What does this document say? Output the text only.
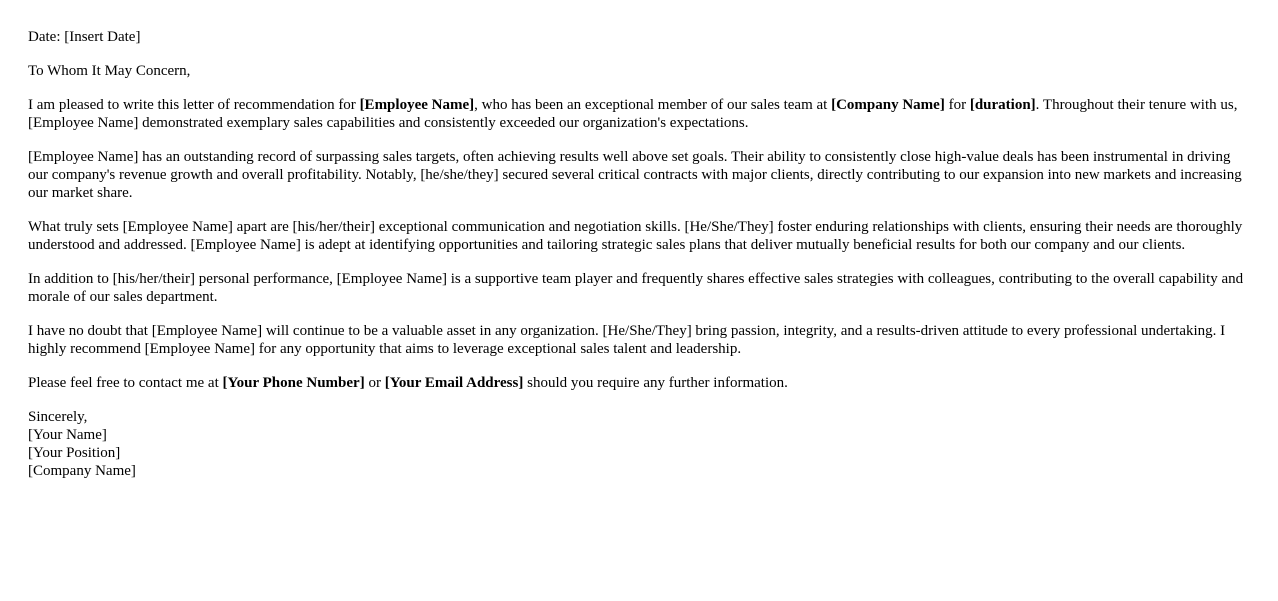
Date: [Insert Date]

To Whom It May Concern,

I am pleased to write this letter of recommendation for [Employee Name], who has been an exceptional member of our sales team at [Company Name] for [duration]. Throughout their tenure with us, [Employee Name] demonstrated exemplary sales capabilities and consistently exceeded our organization's expectations.

[Employee Name] has an outstanding record of surpassing sales targets, often achieving results well above set goals. Their ability to consistently close high-value deals has been instrumental in driving our company's revenue growth and overall profitability. Notably, [he/she/they] secured several critical contracts with major clients, directly contributing to our expansion into new markets and increasing our market share.

What truly sets [Employee Name] apart are [his/her/their] exceptional communication and negotiation skills. [He/She/They] foster enduring relationships with clients, ensuring their needs are thoroughly understood and addressed. [Employee Name] is adept at identifying opportunities and tailoring strategic sales plans that deliver mutually beneficial results for both our company and our clients.

In addition to [his/her/their] personal performance, [Employee Name] is a supportive team player and frequently shares effective sales strategies with colleagues, contributing to the overall capability and morale of our sales department.

I have no doubt that [Employee Name] will continue to be a valuable asset in any organization. [He/She/They] bring passion, integrity, and a results-driven attitude to every professional undertaking. I highly recommend [Employee Name] for any opportunity that aims to leverage exceptional sales talent and leadership.

Please feel free to contact me at [Your Phone Number] or [Your Email Address] should you require any further information.

Sincerely,
[Your Name]
[Your Position]
[Company Name]
